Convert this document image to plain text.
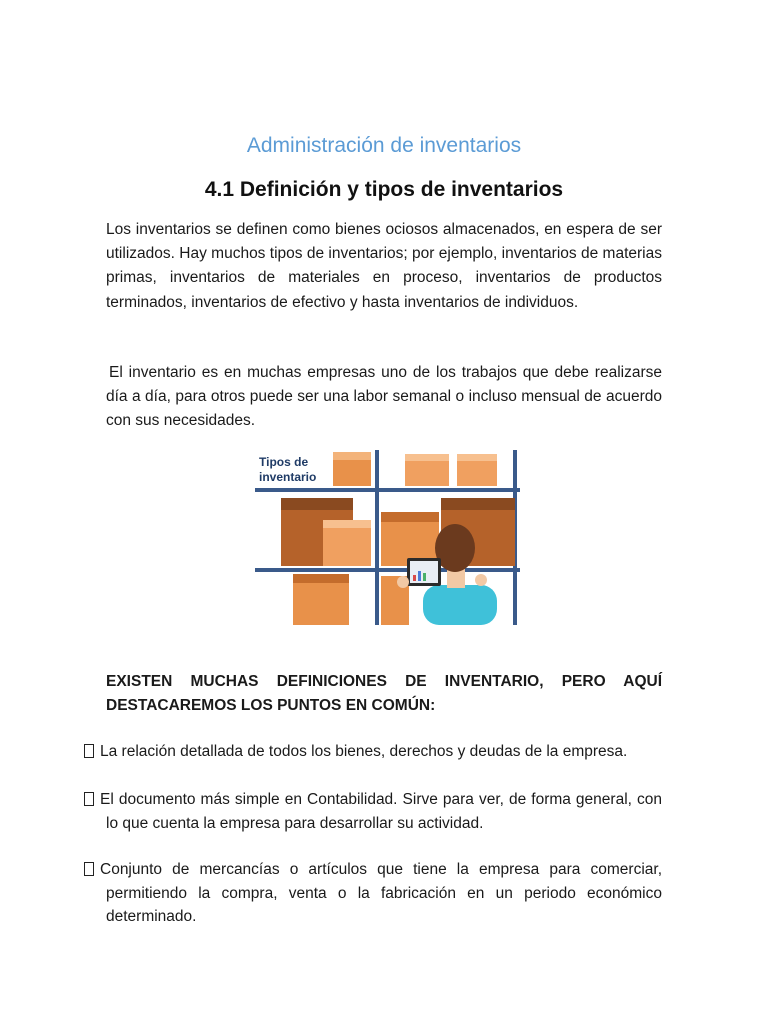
Administración de inventarios
4.1 Definición y tipos de inventarios

Los inventarios se definen como bienes ociosos almacenados, en espera de ser utilizados. Hay muchos tipos de inventarios; por ejemplo, inventarios de materias primas, inventarios de materiales en proceso, inventarios de productos terminados, inventarios de efectivo y hasta inventarios de individuos.

El inventario es en muchas empresas uno de los trabajos que debe realizarse día a día, para otros puede ser una labor semanal o incluso mensual de acuerdo con sus necesidades.

Tipos de
inventario

EXISTEN MUCHAS DEFINICIONES DE INVENTARIO, PERO AQUÍ DESTACAREMOS LOS PUNTOS EN COMÚN:

La relación detallada de todos los bienes, derechos y deudas de la empresa.

El documento más simple en Contabilidad. Sirve para ver, de forma general, con lo que cuenta la empresa para desarrollar su actividad.

Conjunto de mercancías o artículos que tiene la empresa para comerciar, permitiendo la compra, venta o la fabricación en un periodo económico determinado.
